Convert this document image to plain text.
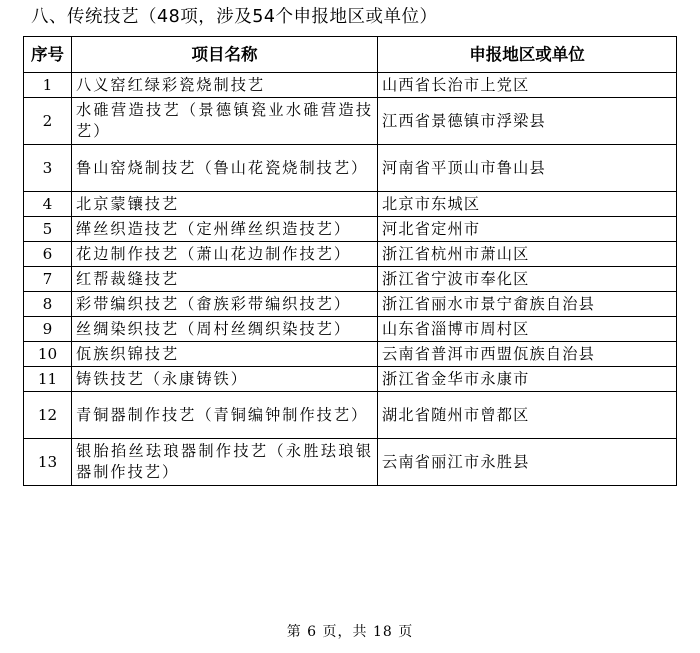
八、传统技艺（48项，涉及54个申报地区或单位）
序号	项目名称	申报地区或单位
1	八义窑红绿彩瓷烧制技艺	山西省长治市上党区
2	水碓营造技艺（景德镇瓷业水碓营造技艺）	江西省景德镇市浮梁县
3	鲁山窑烧制技艺（鲁山花瓷烧制技艺）	河南省平顶山市鲁山县
4	北京蒙镶技艺	北京市东城区
5	缂丝织造技艺（定州缂丝织造技艺）	河北省定州市
6	花边制作技艺（萧山花边制作技艺）	浙江省杭州市萧山区
7	红帮裁缝技艺	浙江省宁波市奉化区
8	彩带编织技艺（畲族彩带编织技艺）	浙江省丽水市景宁畲族自治县
9	丝绸染织技艺（周村丝绸织染技艺）	山东省淄博市周村区
10	佤族织锦技艺	云南省普洱市西盟佤族自治县
11	铸铁技艺（永康铸铁）	浙江省金华市永康市
12	青铜器制作技艺（青铜编钟制作技艺）	湖北省随州市曾都区
13	银胎掐丝珐琅器制作技艺（永胜珐琅银器制作技艺）	云南省丽江市永胜县
第 6 页，共 18 页
